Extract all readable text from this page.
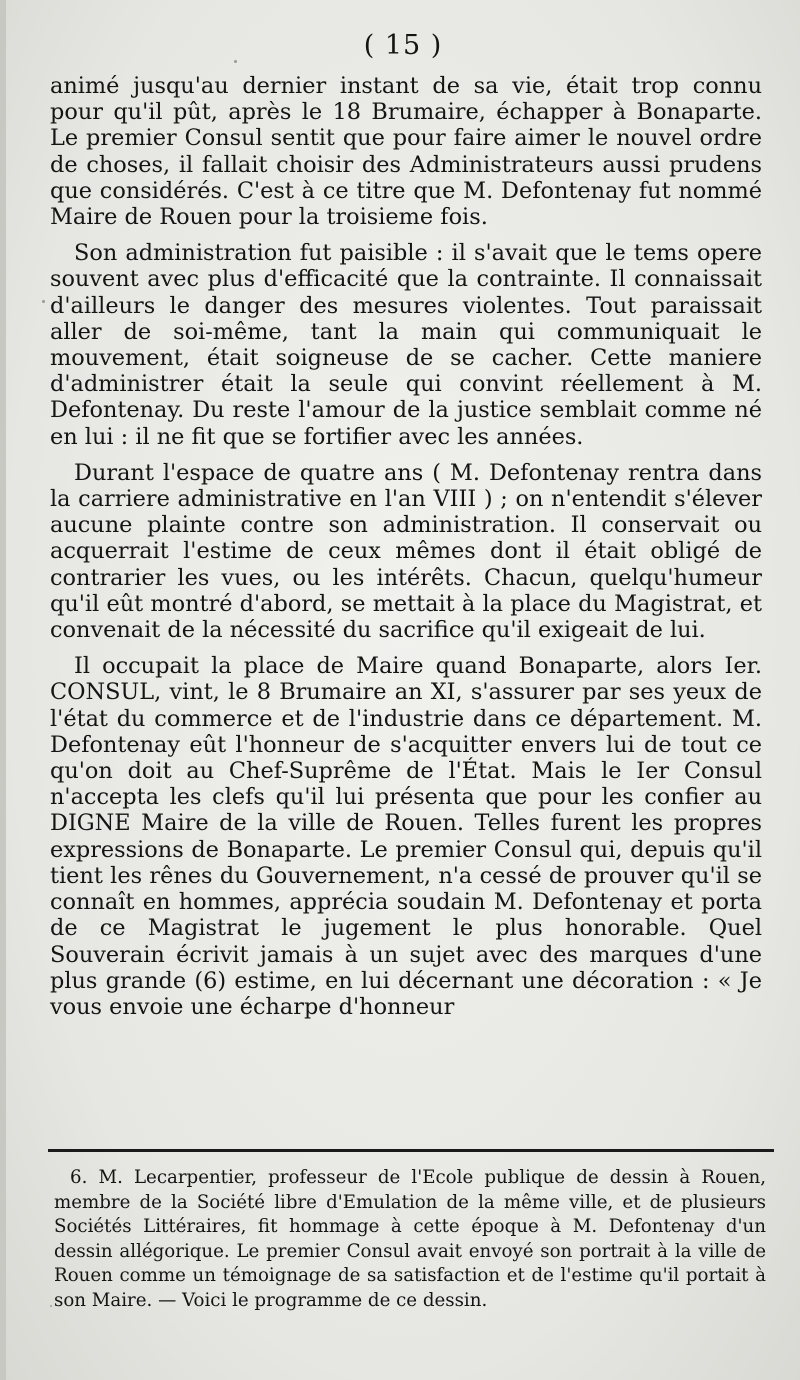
( 15 )

animé jusqu'au dernier instant de sa vie, était trop connu pour qu'il pût, après le 18 Brumaire, échapper à Bonaparte. Le premier Consul sentit que pour faire aimer le nouvel ordre de choses, il fallait choisir des Administrateurs aussi prudens que considérés. C'est à ce titre que M. Defontenay fut nommé Maire de Rouen pour la troisieme fois.

Son administration fut paisible : il s'avait que le tems opere souvent avec plus d'efficacité que la contrainte. Il connaissait d'ailleurs le danger des mesures violentes. Tout paraissait aller de soi-même, tant la main qui communiquait le mouvement, était soigneuse de se cacher. Cette maniere d'administrer était la seule qui convint réellement à M. Defontenay. Du reste l'amour de la justice semblait comme né en lui : il ne fit que se fortifier avec les années.

Durant l'espace de quatre ans ( M. Defontenay rentra dans la carriere administrative en l'an VIII ) ; on n'entendit s'élever aucune plainte contre son administration. Il conservait ou acquerrait l'estime de ceux mêmes dont il était obligé de contrarier les vues, ou les intérêts. Chacun, quelqu'humeur qu'il eût montré d'abord, se mettait à la place du Magistrat, et convenait de la nécessité du sacrifice qu'il exigeait de lui.

Il occupait la place de Maire quand Bonaparte, alors Ier. CONSUL, vint, le 8 Brumaire an XI, s'assurer par ses yeux de l'état du commerce et de l'industrie dans ce département. M. Defontenay eût l'honneur de s'acquitter envers lui de tout ce qu'on doit au Chef-Suprême de l'État. Mais le Ier Consul n'accepta les clefs qu'il lui présenta que pour les confier au DIGNE Maire de la ville de Rouen. Telles furent les propres expressions de Bonaparte. Le premier Consul qui, depuis qu'il tient les rênes du Gouvernement, n'a cessé de prouver qu'il se connaît en hommes, apprécia soudain M. Defontenay et porta de ce Magistrat le jugement le plus honorable. Quel Souverain écrivit jamais à un sujet avec des marques d'une plus grande (6) estime, en lui décernant une décoration : « Je vous envoie une écharpe d'honneur

6. M. Lecarpentier, professeur de l'Ecole publique de dessin à Rouen, membre de la Société libre d'Emulation de la même ville, et de plusieurs Sociétés Littéraires, fit hommage à cette époque à M. Defontenay d'un dessin allégorique. Le premier Consul avait envoyé son portrait à la ville de Rouen comme un témoignage de sa satisfaction et de l'estime qu'il portait à son Maire. — Voici le programme de ce dessin.
